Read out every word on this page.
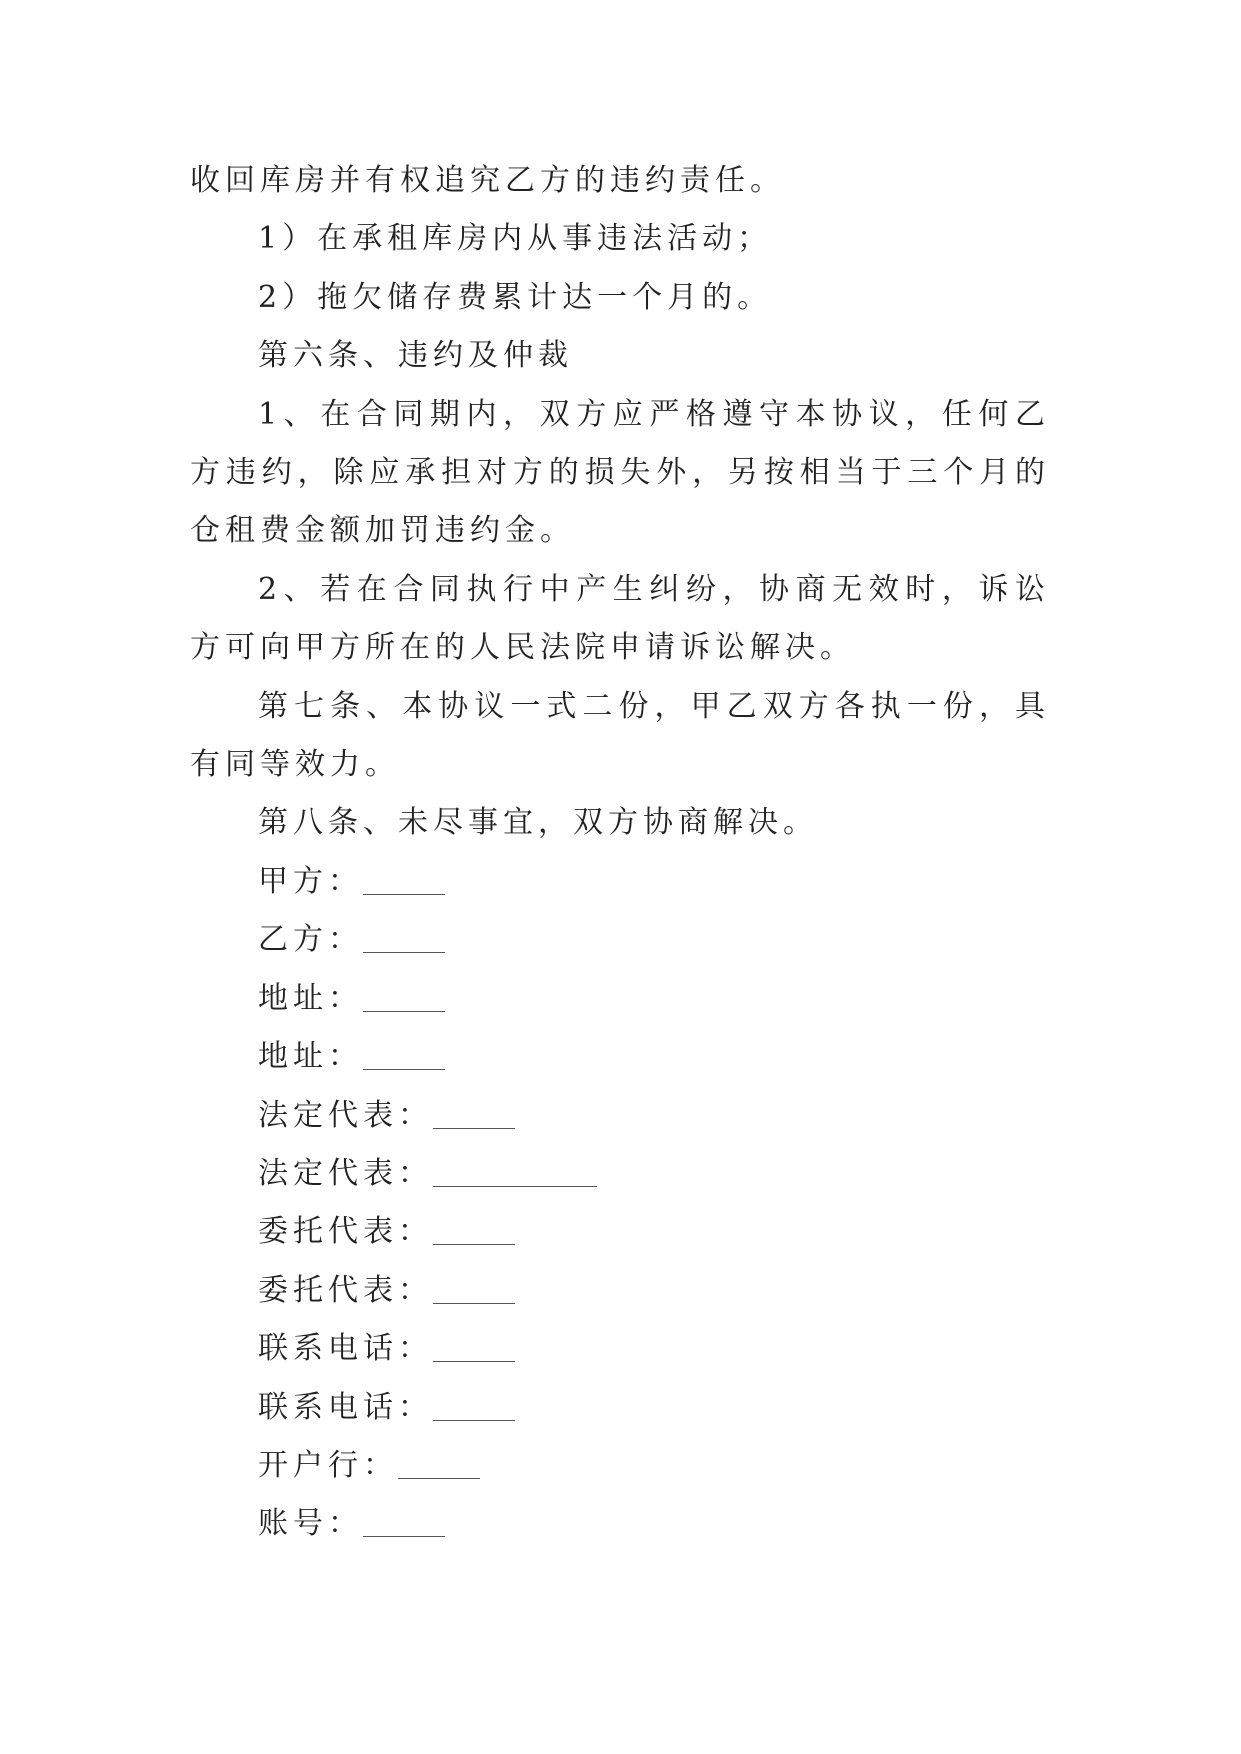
收回库房并有权追究乙方的违约责任。

1）在承租库房内从事违法活动；

2）拖欠储存费累计达一个月的。

第六条、违约及仲裁

1、在合同期内，双方应严格遵守本协议，任何乙方违约，除应承担对方的损失外，另按相当于三个月的仓租费金额加罚违约金。

2、若在合同执行中产生纠纷，协商无效时，诉讼方可向甲方所在的人民法院申请诉讼解决。

第七条、本协议一式二份，甲乙双方各执一份，具有同等效力。

第八条、未尽事宜，双方协商解决。

甲方：
乙方：
地址：
地址：
法定代表：
法定代表：
委托代表：
委托代表：
联系电话：
联系电话：
开户行：
账号：
